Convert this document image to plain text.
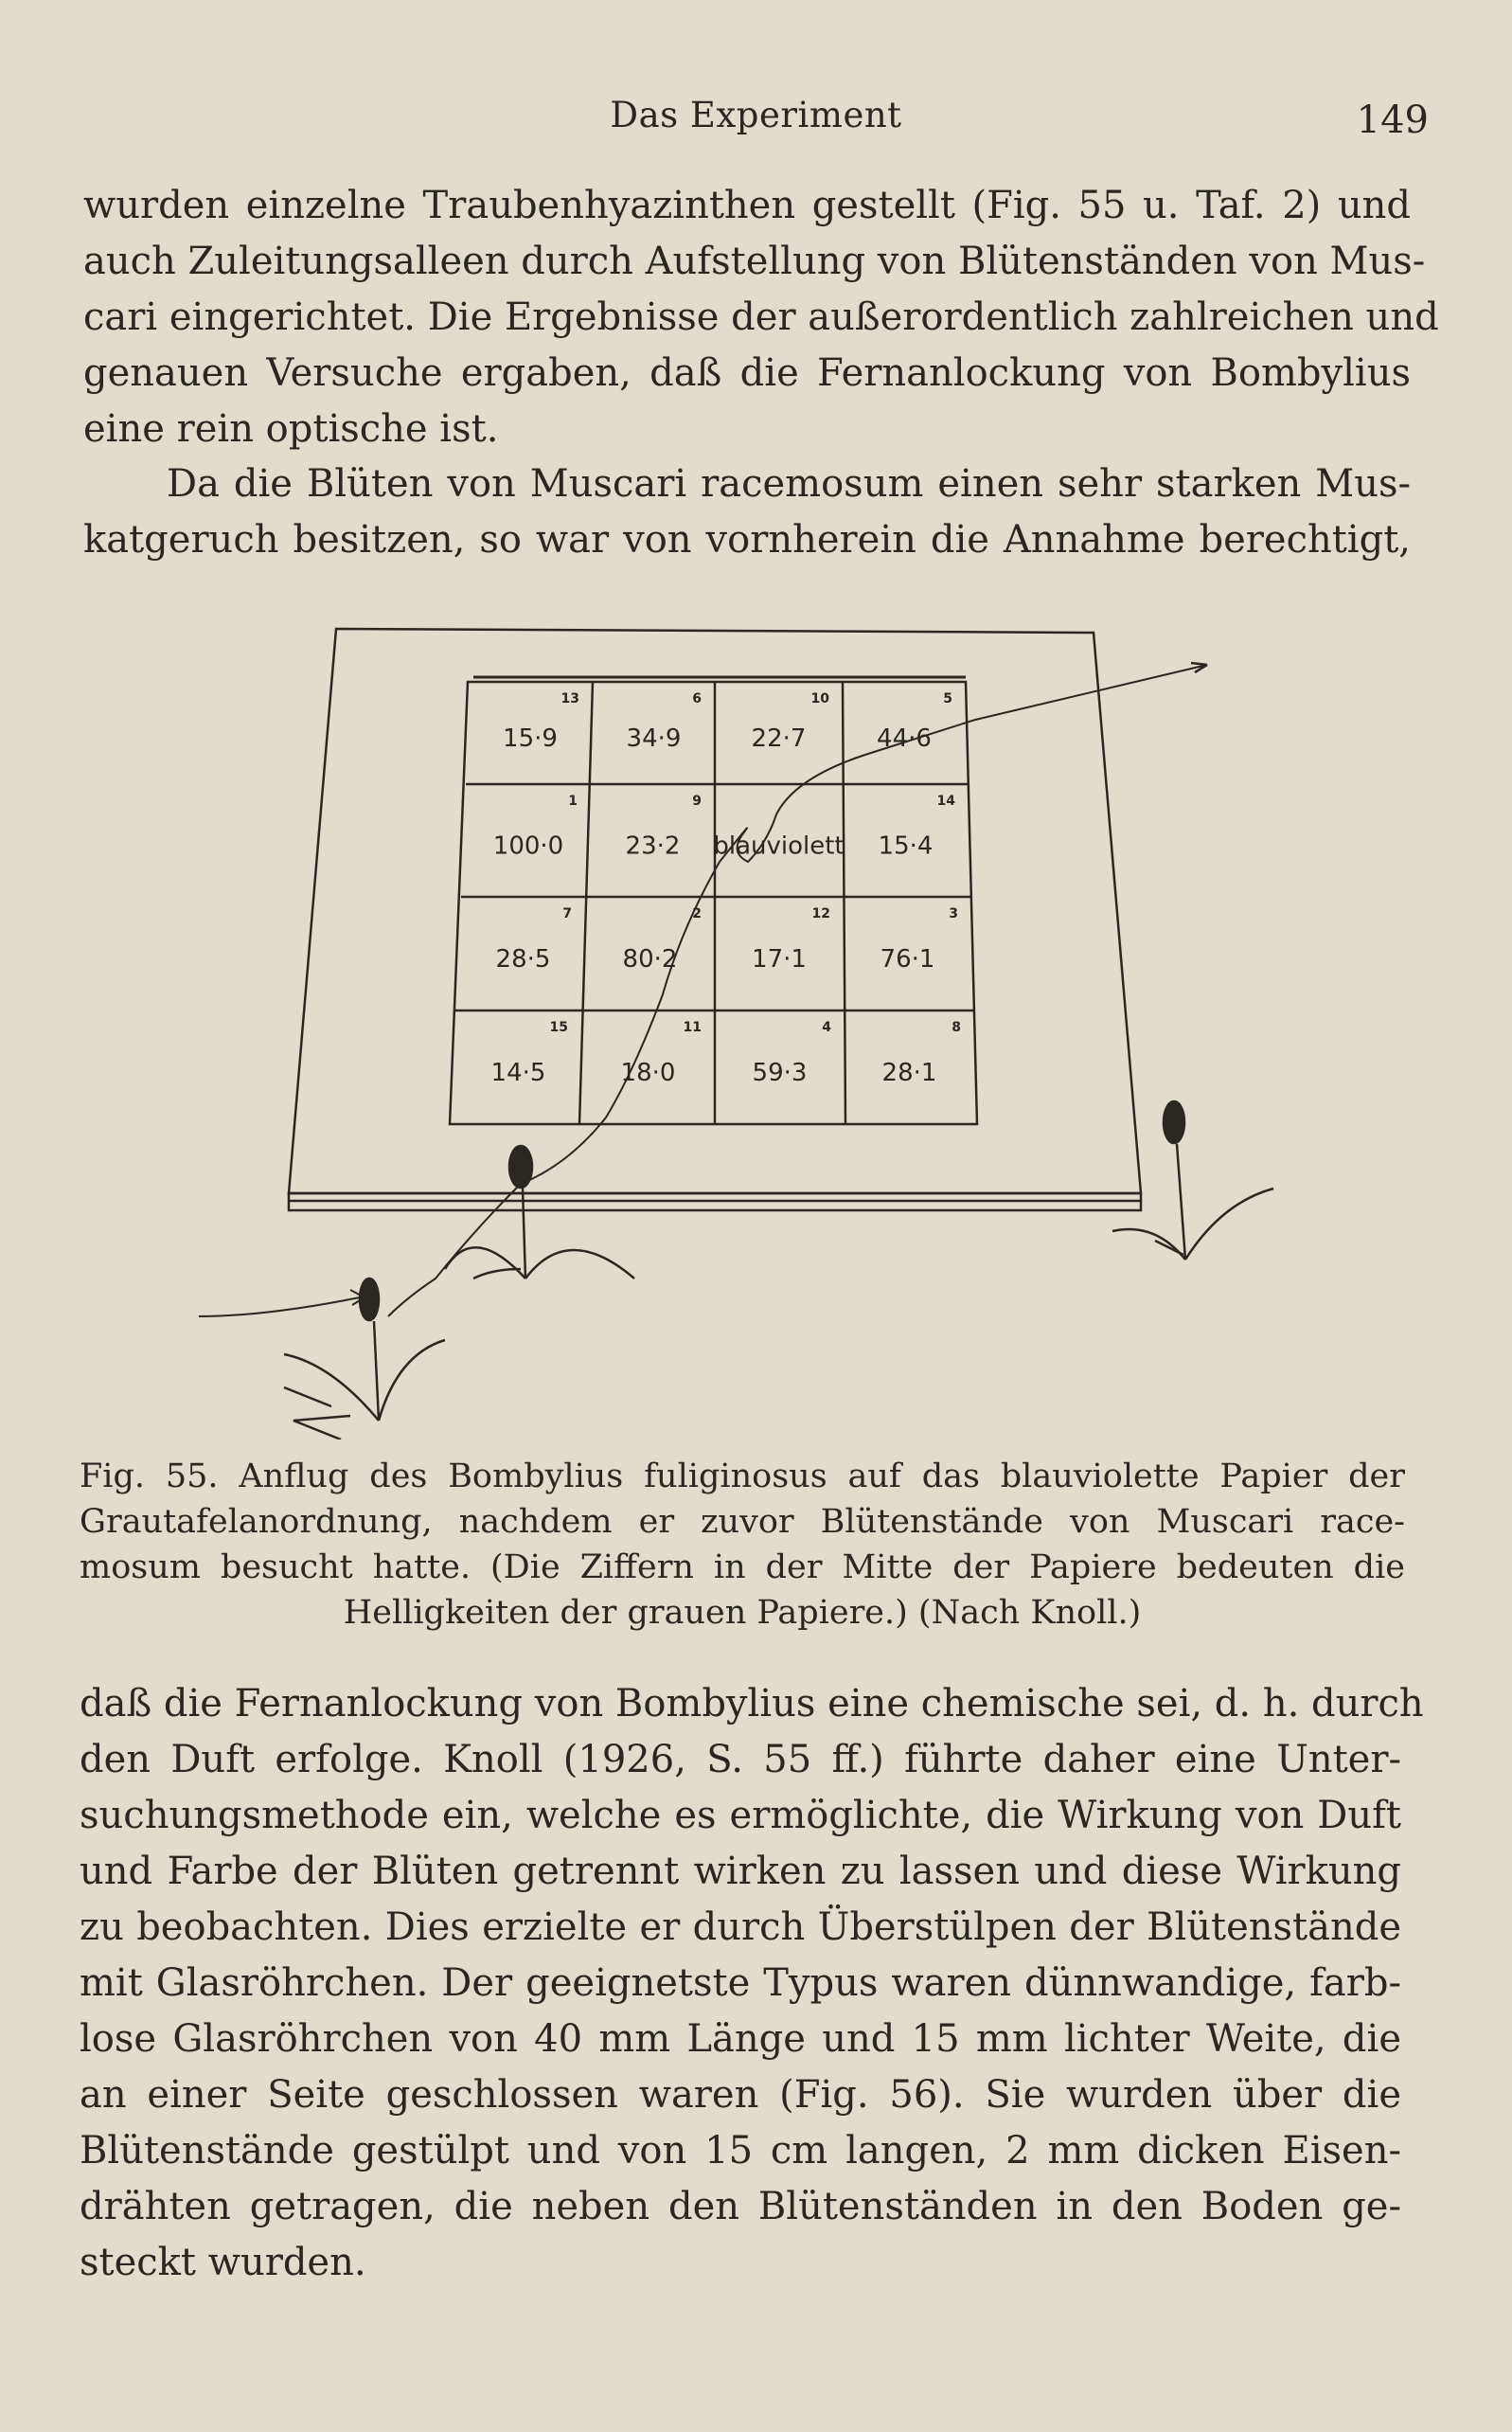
Das Experiment	149
wurden einzelne Traubenhyazinthen gestellt (Fig. 55 u. Taf. 2) und
auch Zuleitungsalleen durch Aufstellung von Blütenständen von Mus-
cari eingerichtet. Die Ergebnisse der außerordentlich zahlreichen und
genauen Versuche ergaben, daß die Fernanlockung von Bombylius
eine rein optische ist.
Da die Blüten von Muscari racemosum einen sehr starken Mus-
katgeruch besitzen, so war von vornherein die Annahme berechtigt,
13
15·9
6
34·9
10
22·7
5
44·6
1
100·0
9
23·2 blauviolett
14
15·4
7
28·5
2
80·2
12
17·1
3
76·1
15
14·5
11
18·0
4
59·3
8
28·1
Fig. 55. Anflug des Bombylius fuliginosus auf das blauviolette Papier der
Grautafelanordnung, nachdem er zuvor Blütenstände von Muscari race-
mosum besucht hatte. (Die Ziffern in der Mitte der Papiere bedeuten die
Helligkeiten der grauen Papiere.) (Nach Knoll.)
daß die Fernanlockung von Bombylius eine chemische sei, d. h. durch
den Duft erfolge. Knoll (1926, S. 55 ff.) führte daher eine Unter-
suchungsmethode ein, welche es ermöglichte, die Wirkung von Duft
und Farbe der Blüten getrennt wirken zu lassen und diese Wirkung
zu beobachten. Dies erzielte er durch Überstülpen der Blütenstände
mit Glasröhrchen. Der geeignetste Typus waren dünnwandige, farb-
lose Glasröhrchen von 40 mm Länge und 15 mm lichter Weite, die
an einer Seite geschlossen waren (Fig. 56). Sie wurden über die
Blütenstände gestülpt und von 15 cm langen, 2 mm dicken Eisen-
drähten getragen, die neben den Blütenständen in den Boden ge-
steckt wurden.
